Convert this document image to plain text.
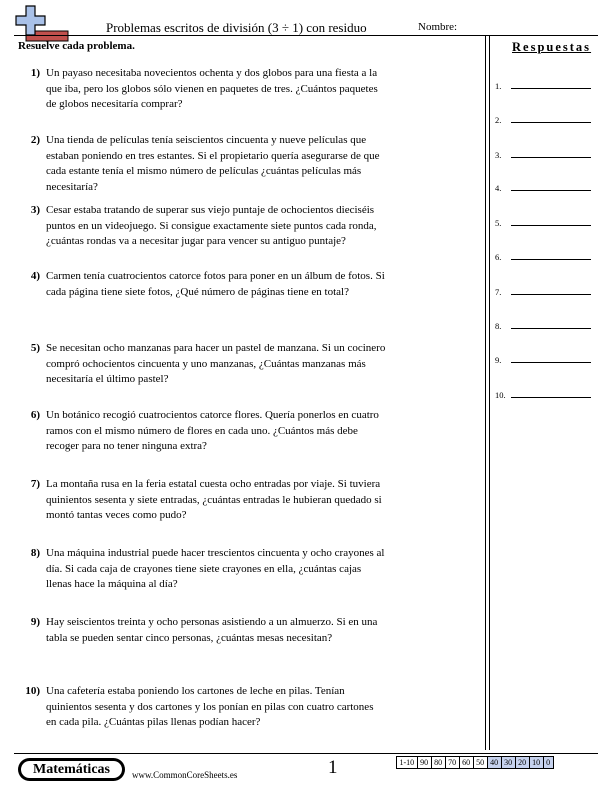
Problemas escritos de división (3 ÷ 1) con residuo	Nombre:
Resuelve cada problema.
1) Un payaso necesitaba novecientos ochenta y dos globos para una fiesta a la que iba, pero los globos sólo vienen en paquetes de tres. ¿Cuántos paquetes de globos necesitaría comprar?
2) Una tienda de películas tenía seiscientos cincuenta y nueve películas que estaban poniendo en tres estantes. Si el propietario quería asegurarse de que cada estante tenía el mismo número de películas ¿cuántas películas más necesitaría?
3) Cesar estaba tratando de superar sus viejo puntaje de ochocientos dieciséis puntos en un videojuego. Si consigue exactamente siete puntos cada ronda, ¿cuántas rondas va a necesitar jugar para vencer su antiguo puntaje?
4) Carmen tenía cuatrocientos catorce fotos para poner en un álbum de fotos. Si cada página tiene siete fotos, ¿Qué número de páginas tiene en total?
5) Se necesitan ocho manzanas para hacer un pastel de manzana. Si un cocinero compró ochocientos cincuenta y uno manzanas, ¿Cuántas manzanas más necesitaría el último pastel?
6) Un botánico recogió cuatrocientos catorce flores. Quería ponerlos en cuatro ramos con el mismo número de flores en cada uno. ¿Cuántos más debe recoger para no tener ninguna extra?
7) La montaña rusa en la feria estatal cuesta ocho entradas por viaje. Si tuviera quinientos sesenta y siete entradas, ¿cuántas entradas le hubieran quedado si montó tantas veces como pudo?
8) Una máquina industrial puede hacer trescientos cincuenta y ocho crayones al día. Si cada caja de crayones tiene siete crayones en ella, ¿cuántas cajas llenas hace la máquina al día?
9) Hay seiscientos treinta y ocho personas asistiendo a un almuerzo. Si en una tabla se pueden sentar cinco personas, ¿cuántas mesas necesitan?
10) Una cafetería estaba poniendo los cartones de leche en pilas. Tenían quinientos sesenta y dos cartones y los ponían en pilas con cuatro cartones en cada pila. ¿Cuántas pilas llenas podían hacer?
Respuestas
1.
2.
3.
4.
5.
6.
7.
8.
9.
10.
Matemáticas	www.CommonCoreSheets.es	1	1-10 90 80 70 60 50 40 30 20 10 0
